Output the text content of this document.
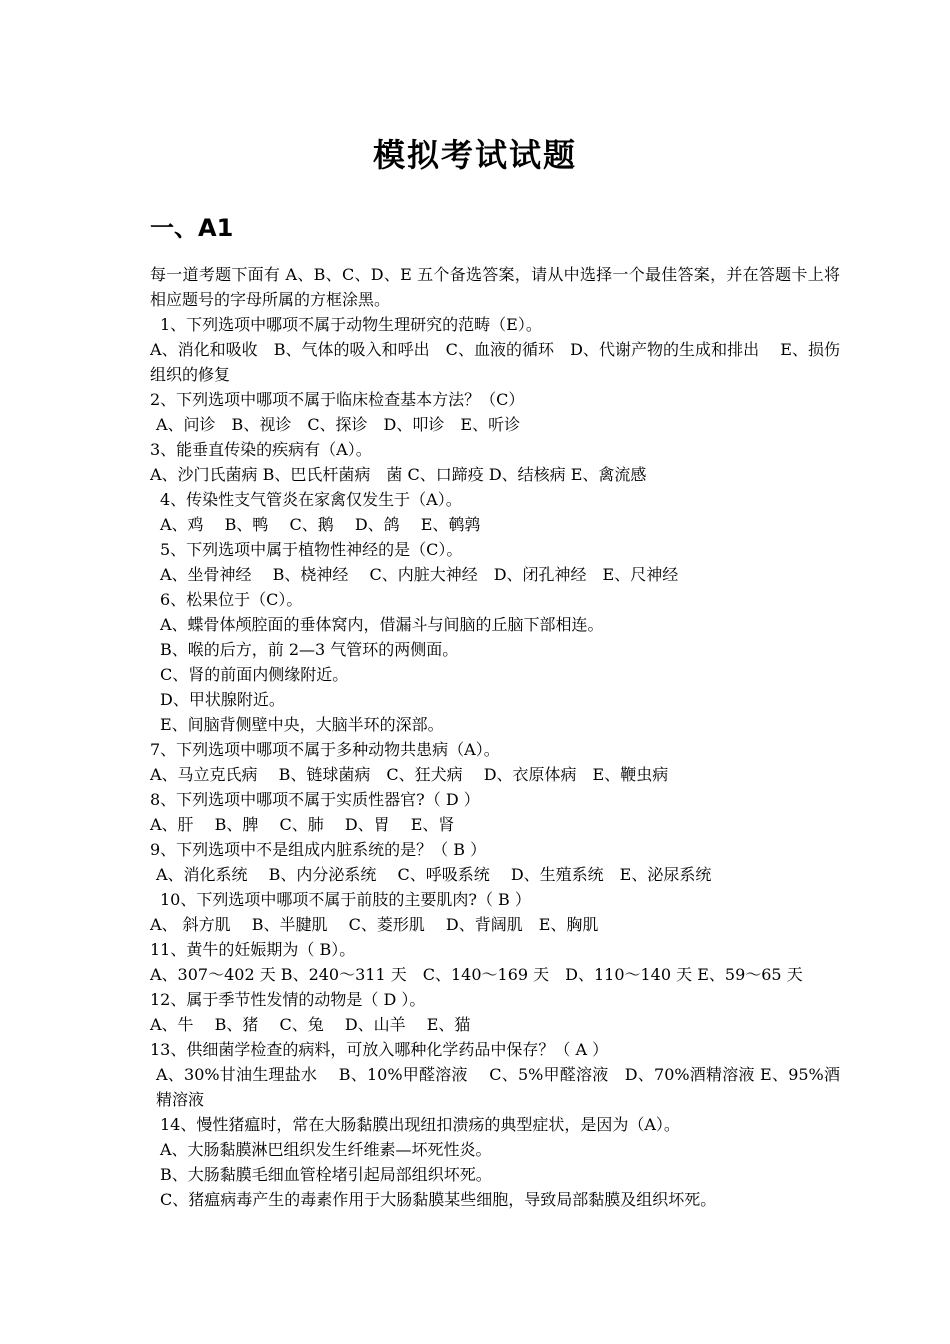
模拟考试试题
一、A1

每一道考题下面有 A、B、C、D、E 五个备选答案，请从中选择一个最佳答案，并在答题卡上将相应题号的字母所属的方框涂黑。

1、下列选项中哪项不属于动物生理研究的范畴（E）。

A、消化和吸收　B、气体的吸入和呼出　C、血液的循环　D、代谢产物的生成和排出　 E、损伤组织的修复

2、下列选项中哪项不属于临床检查基本方法？（C）

A、问诊　B、视诊　C、探诊　D、叩诊　E、听诊

3、能垂直传染的疾病有（A）。

A、沙门氏菌病 B、巴氏杆菌病　菌 C、口蹄疫 D、结核病 E、禽流感

4、传染性支气管炎在家禽仅发生于（A）。

A、鸡　 B、鸭　 C、鹅　 D、鸽　 E、鹌鹑

5、下列选项中属于植物性神经的是（C）。

A、坐骨神经　 B、桡神经　 C、内脏大神经　D、闭孔神经　E、尺神经

6、松果位于（C）。

A、蝶骨体颅腔面的垂体窝内，借漏斗与间脑的丘脑下部相连。

B、喉的后方，前 2—3 气管环的两侧面。

C、肾的前面内侧缘附近。

D、甲状腺附近。

E、间脑背侧壁中央，大脑半环的深部。

7、下列选项中哪项不属于多种动物共患病（A）。

A、马立克氏病　 B、链球菌病　C、狂犬病　 D、衣原体病　E、鞭虫病

8、下列选项中哪项不属于实质性器官?（ D ）

A、肝　 B、脾　 C、肺　 D、胃　 E、肾

9、下列选项中不是组成内脏系统的是？（ B ）

A、消化系统　 B、内分泌系统　 C、呼吸系统　 D、生殖系统　E、泌尿系统

10、下列选项中哪项不属于前肢的主要肌肉?（ B ）

A、 斜方肌　 B、半腱肌　 C、菱形肌　 D、背阔肌　E、胸肌

11、黄牛的妊娠期为（ B）。

A、307～402 天 B、240～311 天　C、140～169 天　D、110～140 天 E、59～65 天

12、属于季节性发情的动物是（ D ）。

A、牛　 B、猪　 C、兔　 D、山羊　 E、猫

13、供细菌学检查的病料，可放入哪种化学药品中保存？（ A ）

A、30%甘油生理盐水　 B、10%甲醛溶液　 C、5%甲醛溶液　D、70%酒精溶液 E、95%酒精溶液

14、慢性猪瘟时，常在大肠黏膜出现纽扣溃疡的典型症状，是因为（A）。

A、大肠黏膜淋巴组织发生纤维素—坏死性炎。

B、大肠黏膜毛细血管栓堵引起局部组织坏死。

C、猪瘟病毒产生的毒素作用于大肠黏膜某些细胞，导致局部黏膜及组织坏死。
